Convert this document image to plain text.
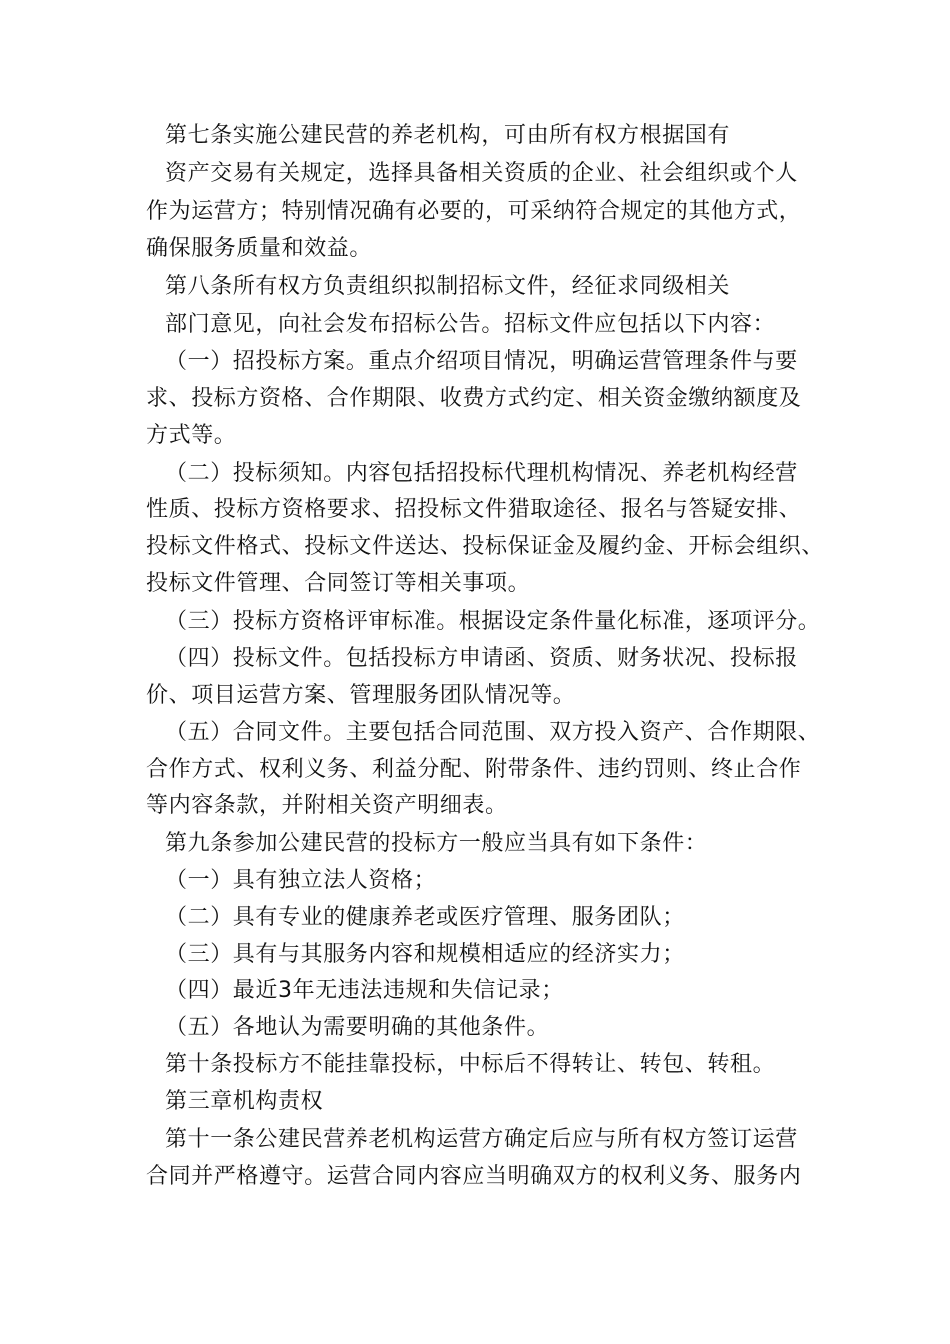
第七条实施公建民营的养老机构，可由所有权方根据国有
资产交易有关规定，选择具备相关资质的企业、社会组织或个人
作为运营方；特别情况确有必要的，可采纳符合规定的其他方式，
确保服务质量和效益。
第八条所有权方负责组织拟制招标文件，经征求同级相关
部门意见，向社会发布招标公告。招标文件应包括以下内容：
（一）招投标方案。重点介绍项目情况，明确运营管理条件与要
求、投标方资格、合作期限、收费方式约定、相关资金缴纳额度及
方式等。
（二）投标须知。内容包括招投标代理机构情况、养老机构经营
性质、投标方资格要求、招投标文件猎取途径、报名与答疑安排、
投标文件格式、投标文件送达、投标保证金及履约金、开标会组织、
投标文件管理、合同签订等相关事项。
（三）投标方资格评审标准。根据设定条件量化标准，逐项评分。
（四）投标文件。包括投标方申请函、资质、财务状况、投标报
价、项目运营方案、管理服务团队情况等。
（五）合同文件。主要包括合同范围、双方投入资产、合作期限、
合作方式、权利义务、利益分配、附带条件、违约罚则、终止合作
等内容条款，并附相关资产明细表。
第九条参加公建民营的投标方一般应当具有如下条件：
（一）具有独立法人资格；
（二）具有专业的健康养老或医疗管理、服务团队；
（三）具有与其服务内容和规模相适应的经济实力；
（四）最近3年无违法违规和失信记录；
（五）各地认为需要明确的其他条件。
第十条投标方不能挂靠投标，中标后不得转让、转包、转租。
第三章机构责权
第十一条公建民营养老机构运营方确定后应与所有权方签订运营
合同并严格遵守。运营合同内容应当明确双方的权利义务、服务内
